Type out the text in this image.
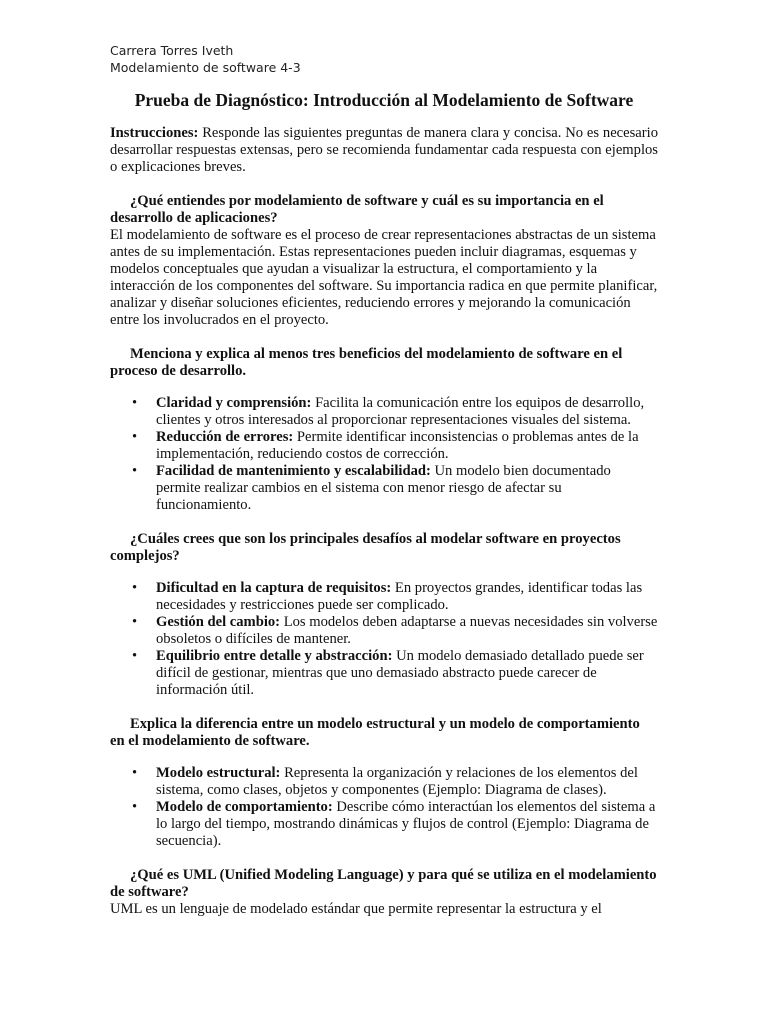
Carrera Torres Iveth
Modelamiento de software 4-3
Prueba de Diagnóstico: Introducción al Modelamiento de Software

Instrucciones: Responde las siguientes preguntas de manera clara y concisa. No es necesario desarrollar respuestas extensas, pero se recomienda fundamentar cada respuesta con ejemplos o explicaciones breves.

¿Qué entiendes por modelamiento de software y cuál es su importancia en el desarrollo de aplicaciones?

El modelamiento de software es el proceso de crear representaciones abstractas de un sistema antes de su implementación. Estas representaciones pueden incluir diagramas, esquemas y modelos conceptuales que ayudan a visualizar la estructura, el comportamiento y la interacción de los componentes del software. Su importancia radica en que permite planificar, analizar y diseñar soluciones eficientes, reduciendo errores y mejorando la comunicación entre los involucrados en el proyecto.

Menciona y explica al menos tres beneficios del modelamiento de software en el proceso de desarrollo.

• Claridad y comprensión: Facilita la comunicación entre los equipos de desarrollo, clientes y otros interesados al proporcionar representaciones visuales del sistema.
• Reducción de errores: Permite identificar inconsistencias o problemas antes de la implementación, reduciendo costos de corrección.
• Facilidad de mantenimiento y escalabilidad: Un modelo bien documentado permite realizar cambios en el sistema con menor riesgo de afectar su funcionamiento.

¿Cuáles crees que son los principales desafíos al modelar software en proyectos complejos?

• Dificultad en la captura de requisitos: En proyectos grandes, identificar todas las necesidades y restricciones puede ser complicado.
• Gestión del cambio: Los modelos deben adaptarse a nuevas necesidades sin volverse obsoletos o difíciles de mantener.
• Equilibrio entre detalle y abstracción: Un modelo demasiado detallado puede ser difícil de gestionar, mientras que uno demasiado abstracto puede carecer de información útil.

Explica la diferencia entre un modelo estructural y un modelo de comportamiento en el modelamiento de software.

• Modelo estructural: Representa la organización y relaciones de los elementos del sistema, como clases, objetos y componentes (Ejemplo: Diagrama de clases).
• Modelo de comportamiento: Describe cómo interactúan los elementos del sistema a lo largo del tiempo, mostrando dinámicas y flujos de control (Ejemplo: Diagrama de secuencia).

¿Qué es UML (Unified Modeling Language) y para qué se utiliza en el modelamiento de software?

UML es un lenguaje de modelado estándar que permite representar la estructura y el
